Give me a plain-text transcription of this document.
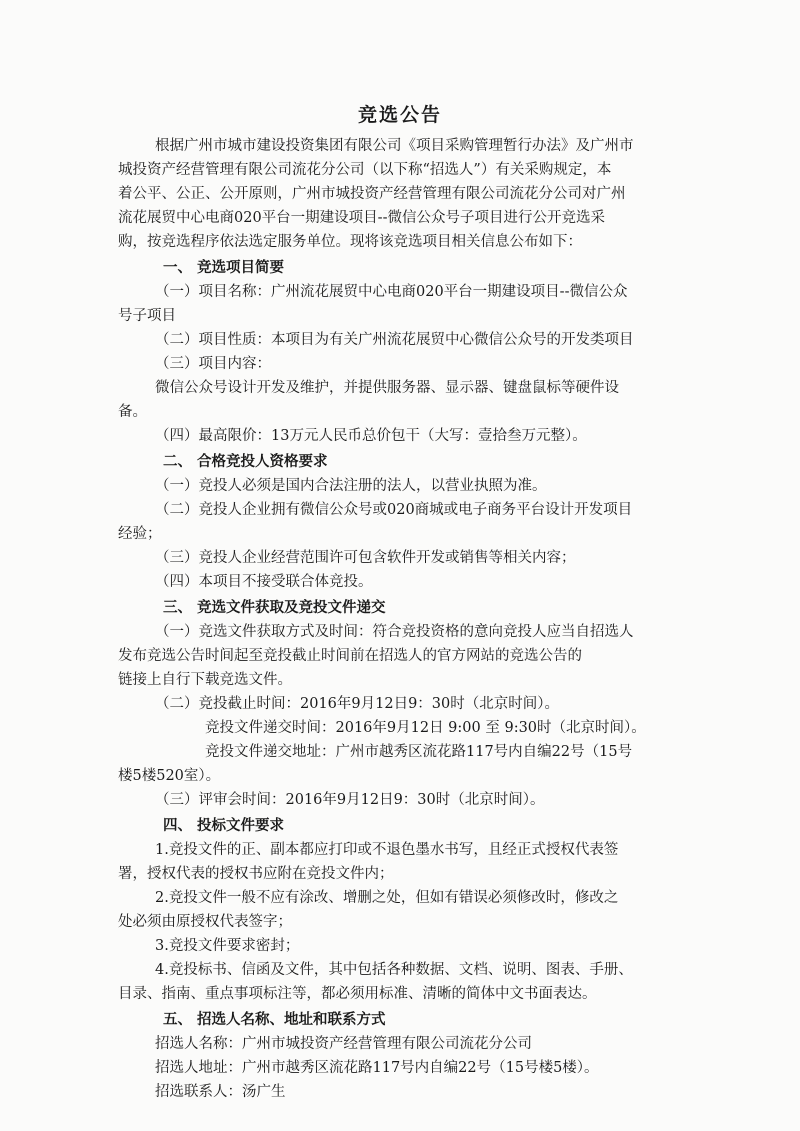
竞选公告
根据广州市城市建设投资集团有限公司《项目采购管理暂行办法》及广州市
城投资产经营管理有限公司流花分公司（以下称“招选人”）有关采购规定，本
着公平、公正、公开原则，广州市城投资产经营管理有限公司流花分公司对广州
流花展贸中心电商020平台一期建设项目--微信公众号子项目进行公开竞选采
购，按竞选程序依法选定服务单位。现将该竞选项目相关信息公布如下：
一、 竞选项目简要
（一）项目名称：广州流花展贸中心电商020平台一期建设项目--微信公众
号子项目
（二）项目性质：本项目为有关广州流花展贸中心微信公众号的开发类项目
（三）项目内容：
微信公众号设计开发及维护，并提供服务器、显示器、键盘鼠标等硬件设
备。
（四）最高限价：13万元人民币总价包干（大写：壹拾叁万元整）。
二、 合格竞投人资格要求
（一）竞投人必须是国内合法注册的法人，以营业执照为准。
（二）竞投人企业拥有微信公众号或020商城或电子商务平台设计开发项目
经验；
（三）竞投人企业经营范围许可包含软件开发或销售等相关内容；
（四）本项目不接受联合体竞投。
三、 竞选文件获取及竞投文件递交
（一）竞选文件获取方式及时间：符合竞投资格的意向竞投人应当自招选人
发布竞选公告时间起至竞投截止时间前在招选人的官方网站的竞选公告的
链接上自行下载竞选文件。
（二）竞投截止时间：2016年9月12日9：30时（北京时间）。
竞投文件递交时间：2016年9月12日 9:00 至 9:30时（北京时间）。
竞投文件递交地址：广州市越秀区流花路117号内自编22号（15号
楼5楼520室）。
（三）评审会时间：2016年9月12日9：30时（北京时间）。
四、 投标文件要求
1.竞投文件的正、副本都应打印或不退色墨水书写，且经正式授权代表签
署，授权代表的授权书应附在竞投文件内；
2.竞投文件一般不应有涂改、增删之处，但如有错误必须修改时，修改之
处必须由原授权代表签字；
3.竞投文件要求密封；
4.竞投标书、信函及文件，其中包括各种数据、文档、说明、图表、手册、
目录、指南、重点事项标注等，都必须用标准、清晰的简体中文书面表达。
五、 招选人名称、地址和联系方式
招选人名称：广州市城投资产经营管理有限公司流花分公司
招选人地址：广州市越秀区流花路117号内自编22号（15号楼5楼）。
招选联系人：汤广生
